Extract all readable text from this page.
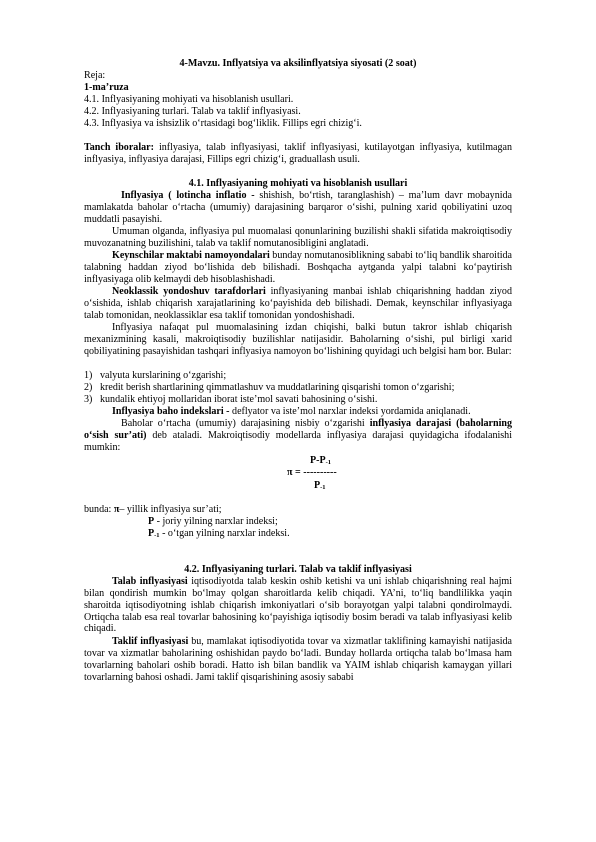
4-Mavzu. Inflyatsiya va aksilinflyatsiya siyosati (2 soat)

Reja:

1-ma’ruza

4.1. Inflyasiyaning mohiyati va hisoblanish usullari.

4.2. Inflyasiyaning turlari. Talab va taklif inflyasiyasi.

4.3. Inflyasiya va ishsizlik o‘rtasidagi bog‘liklik. Fillips egri chizig‘i.

Tanch iboralar: inflyasiya, talab inflyasiyasi, taklif inflyasiyasi, kutilayotgan inflyasiya, kutilmagan inflyasiya, inflyasiya darajasi, Fillips egri chizig‘i, graduallash usuli.

4.1. Inflyasiyaning mohiyati va hisoblanish usullari

Inflyasiya ( lotincha inflatio - shishish, bo‘rtish, taranglashish) – ma’lum davr mobaynida mamlakatda baholar o‘rtacha (umumiy) darajasining barqaror o‘sishi, pulning xarid qobiliyatini uzoq muddatli pasayishi.

Umuman olganda, inflyasiya pul muomalasi qonunlarining buzilishi shakli sifatida makroiqtisodiy muvozanatning buzilishini, talab va taklif nomutanosibligini anglatadi.

Keynschilar maktabi namoyondalari bunday nomutanosiblikning sababi to‘liq bandlik sharoitida talabning haddan ziyod bo‘lishida deb bilishadi. Boshqacha aytganda yalpi talabni ko‘paytirish inflyasiyaga olib kelmaydi deb hisoblashishadi.

Neoklassik yondoshuv tarafdorlari inflyasiyaning manbai ishlab chiqarishning haddan ziyod o‘sishida, ishlab chiqarish xarajatlarining ko‘payishida deb bilishadi. Demak, keynschilar inflyasiyaga talab tomonidan, neoklassiklar esa taklif tomonidan yondoshishadi.

Inflyasiya nafaqat pul muomalasining izdan chiqishi, balki butun takror ishlab chiqarish mexanizmining kasali, makroiqtisodiy buzilishlar natijasidir. Baholarning o‘sishi, pul birligi xarid qobiliyatining pasayishidan tashqari inflyasiya namoyon bo‘lishining quyidagi uch belgisi ham bor. Bular:

1) valyuta kurslarining o‘zgarishi;

2) kredit berish shartlarining qimmatlashuv va muddatlarining qisqarishi tomon o‘zgarishi;

3) kundalik ehtiyoj mollaridan iborat iste’mol savati bahosining o‘sishi.

Inflyasiya baho indekslari - deflyator va iste’mol narxlar indeksi yordamida aniqlanadi.

Baholar o‘rtacha (umumiy) darajasining nisbiy o‘zgarishi inflyasiya darajasi (baholarning o‘sish sur’ati) deb ataladi. Makroiqtisodiy modellarda inflyasiya darajasi quyidagicha ifodalanishi mumkin:

$P-P_{-1}$

π = ----------

$P_{-1}$

bunda: π– yillik inflyasiya sur’ati;

P - joriy yilning narxlar indeksi;

$P_{-1}$ - o‘tgan yilning narxlar indeksi.

4.2. Inflyasiyaning turlari. Talab va taklif inflyasiyasi

Talab inflyasiyasi iqtisodiyotda talab keskin oshib ketishi va uni ishlab chiqarishning real hajmi bilan qondirish mumkin bo‘lmay qolgan sharoitlarda kelib chiqadi. YA’ni, to‘liq bandlilikka yaqin sharoitda iqtisodiyotning ishlab chiqarish imkoniyatlari o‘sib borayotgan yalpi talabni qondirolmaydi. Ortiqcha talab esa real tovarlar bahosining ko‘payishiga iqtisodiy bosim beradi va talab inflyasiyasi kelib chiqadi.

Taklif inflyasiyasi bu, mamlakat iqtisodiyotida tovar va xizmatlar taklifining kamayishi natijasida tovar va xizmatlar baholarining oshishidan paydo bo‘ladi. Bunday hollarda ortiqcha talab bo‘lmasa ham tovarlarning baholari oshib boradi. Hatto ish bilan bandlik va YAIM ishlab chiqarish kamaygan yillari tovarlarning bahosi oshadi. Jami taklif qisqarishining asosiy sababi
